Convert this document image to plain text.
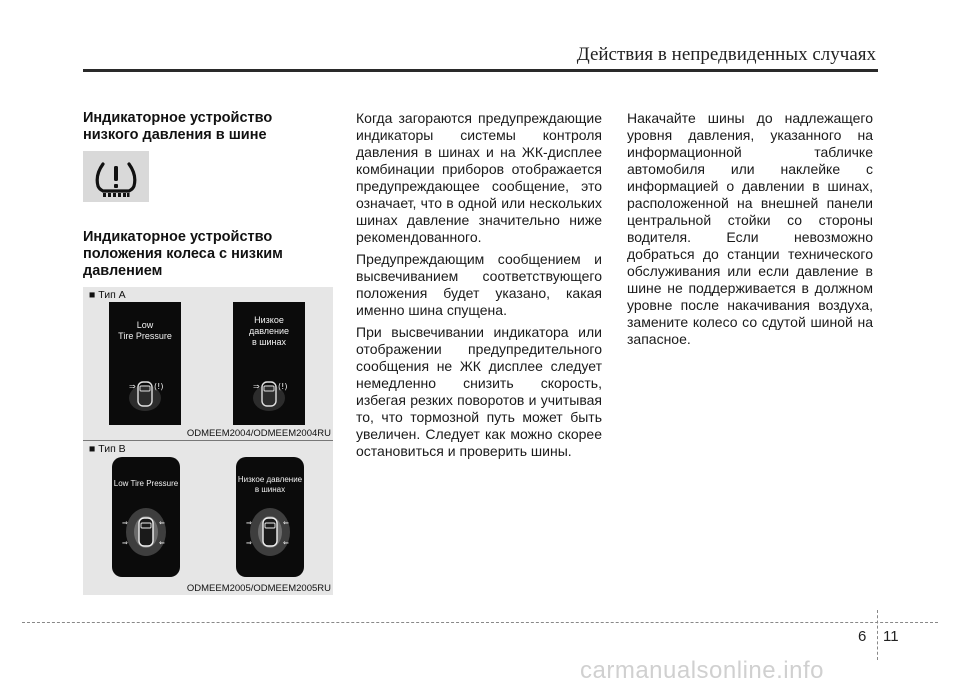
Действия в непредвиденных случаях
Индикаторное устройство низкого давления в шине
Индикаторное устройство положения колеса с низким давлением
■ Тип A
Low
Tire Pressure
⇒ (!)
Низкое
давление
в шинах
⇒ (!)
ODMEEM2004/ODMEEM2004RU
■ Тип B
Low Tire Pressure
⇒	⇐
⇒	⇐
Низкое давление
в шинах
⇒	⇐
⇒	⇐
ODMEEM2005/ODMEEM2005RU

Когда загораются предупреждающие индикаторы системы контроля давления в шинах и на ЖК-дисплее комбинации приборов отображается предупреждающее сообщение, это означает, что в одной или нескольких шинах давление значительно ниже рекомендованного.

Предупреждающим сообщением и высвечиванием соответствующего положения будет указано, какая именно шина спущена.

При высвечивании индикатора или отображении предупредительного сообщения не ЖК дисплее следует немедленно снизить скорость, избегая резких поворотов и учитывая то, что тормозной путь может быть увеличен. Следует как можно скорее остановиться и проверить шины.

Накачайте шины до надлежащего уровня давления, указанного на информационной табличке автомобиля или наклейке с информацией о давлении в шинах, расположенной на внешней панели центральной стойки со стороны водителя. Если невозможно добраться до станции технического обслуживания или если давление в шине не поддерживается в должном уровне после накачивания воздуха, замените колесо со сдутой шиной на запасное.

6 11
carmanualsonline.info
